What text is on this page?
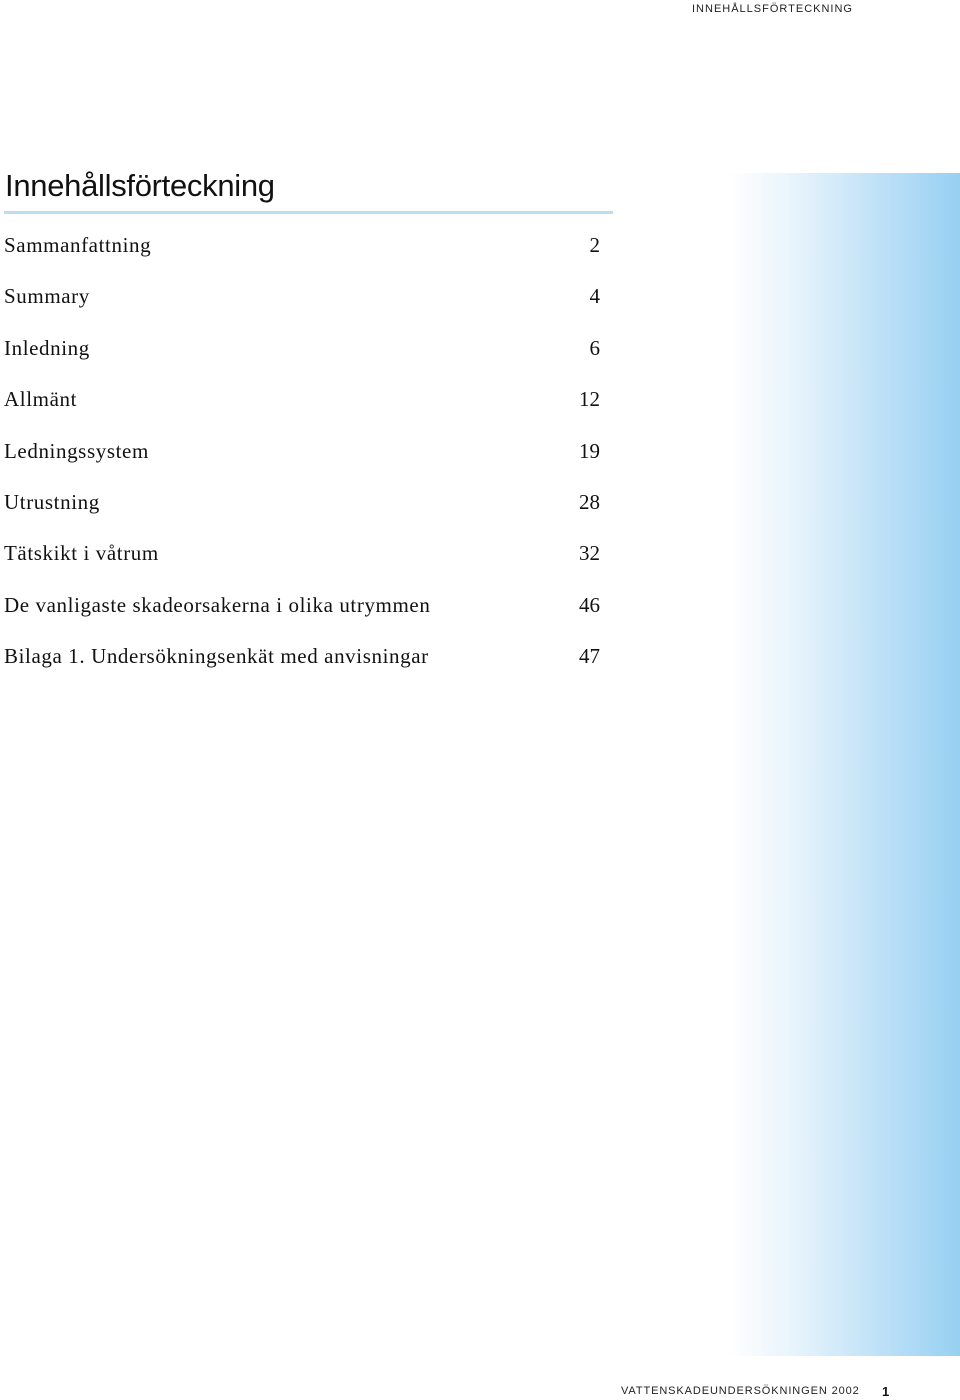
INNEHÅLLSFÖRTECKNING
Innehållsförteckning
Sammanfattning	2
Summary	4
Inledning	6
Allmänt	12
Ledningssystem	19
Utrustning	28
Tätskikt i våtrum	32
De vanligaste skadeorsakerna i olika utrymmen	46
Bilaga 1. Undersökningsenkät med anvisningar	47
VATTENSKADEUNDERSÖKNINGEN 2002 1
